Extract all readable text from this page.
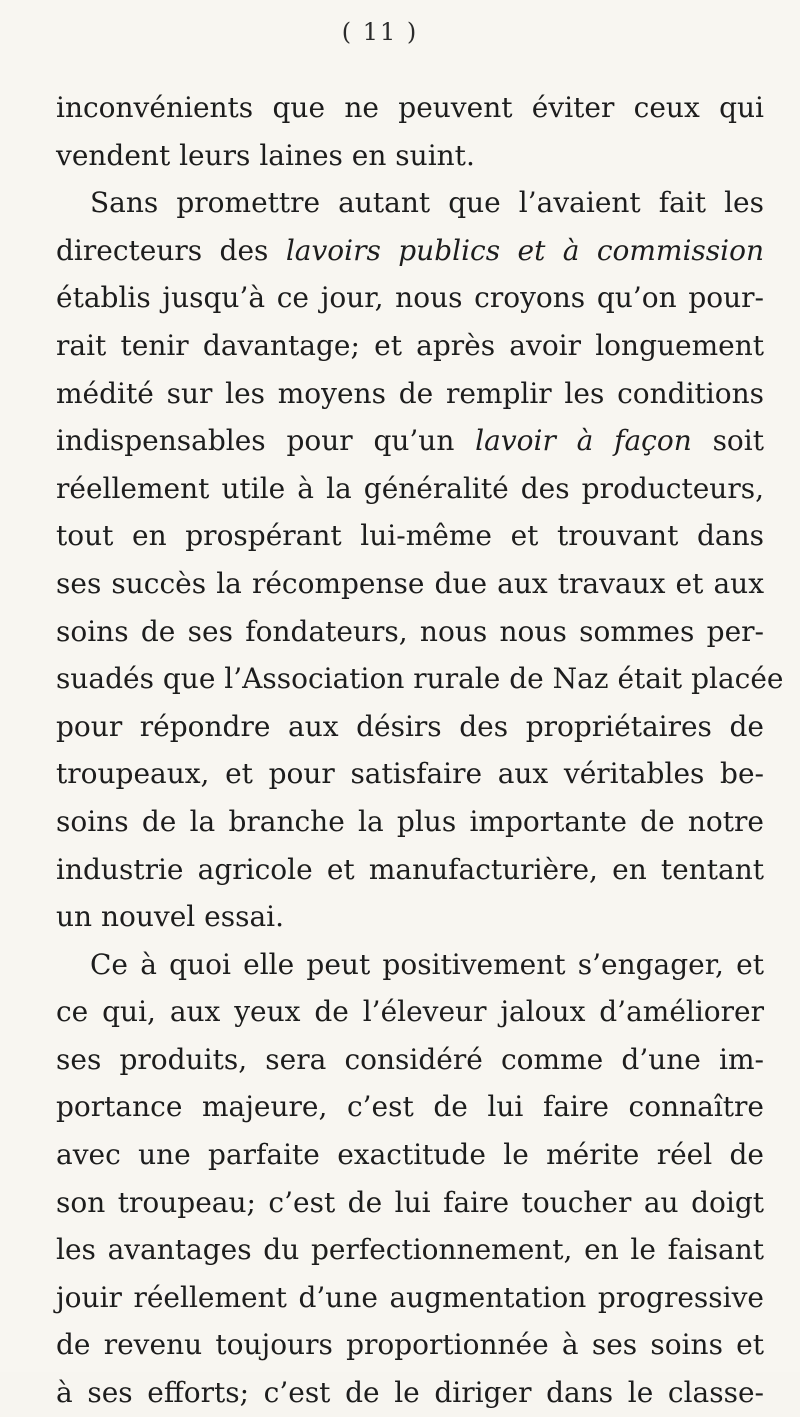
( 11 )
inconvénients que ne peuvent éviter ceux qui
vendent leurs laines en suint.
Sans promettre autant que l’avaient fait les
directeurs des lavoirs publics et à commission
établis jusqu’à ce jour, nous croyons qu’on pour-
rait tenir davantage; et après avoir longuement
médité sur les moyens de remplir les conditions
indispensables pour qu’un lavoir à façon soit
réellement utile à la généralité des producteurs,
tout en prospérant lui-même et trouvant dans
ses succès la récompense due aux travaux et aux
soins de ses fondateurs, nous nous sommes per-
suadés que l’Association rurale de Naz était placée
pour répondre aux désirs des propriétaires de
troupeaux, et pour satisfaire aux véritables be-
soins de la branche la plus importante de notre
industrie agricole et manufacturière, en tentant
un nouvel essai.
Ce à quoi elle peut positivement s’engager, et
ce qui, aux yeux de l’éleveur jaloux d’améliorer
ses produits, sera considéré comme d’une im-
portance majeure, c’est de lui faire connaître
avec une parfaite exactitude le mérite réel de
son troupeau; c’est de lui faire toucher au doigt
les avantages du perfectionnement, en le faisant
jouir réellement d’une augmentation progressive
de revenu toujours proportionnée à ses soins et
à ses efforts; c’est de le diriger dans le classe-
